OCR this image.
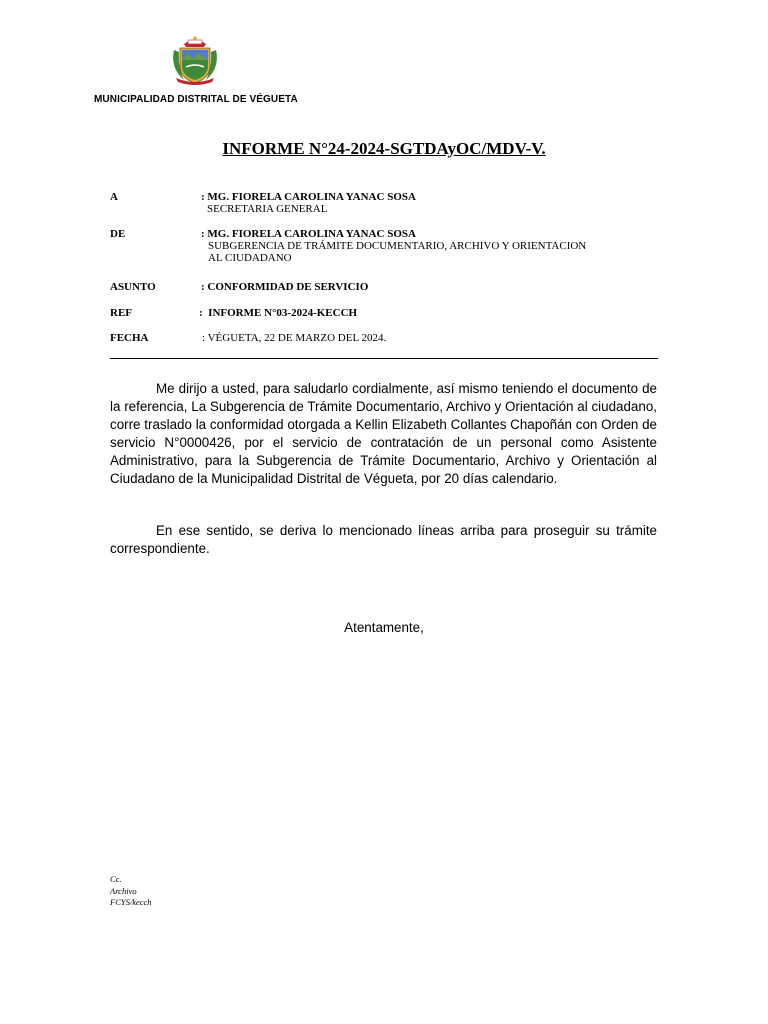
MUNICIPALIDAD DISTRITAL DE VÉGUETA
INFORME N°24-2024-SGTDAyOC/MDV-V.
A	: MG. FIORELA CAROLINA YANAC SOSA
SECRETARIA GENERAL
DE	: MG. FIORELA CAROLINA YANAC SOSA
SUBGERENCIA DE TRÁMITE DOCUMENTARIO, ARCHIVO Y ORIENTACION
AL CIUDADANO
ASUNTO	: CONFORMIDAD DE SERVICIO
REF	:  INFORME N°03-2024-KECCH
FECHA	: VÉGUETA, 22 DE MARZO DEL 2024.
Me dirijo a usted, para saludarlo cordialmente, así mismo teniendo el documento de la referencia, La Subgerencia de Trámite Documentario, Archivo y Orientación al ciudadano, corre traslado la conformidad otorgada a Kellin Elizabeth Collantes Chapoñán con Orden de servicio N°0000426, por el servicio de contratación de un personal como Asistente Administrativo, para la Subgerencia de Trámite Documentario, Archivo y Orientación al Ciudadano de la Municipalidad Distrital de Végueta, por 20 días calendario.
En ese sentido, se deriva lo mencionado líneas arriba para proseguir su trámite correspondiente.
Atentamente,
Cc.
Archivo
FCYS/kecch
